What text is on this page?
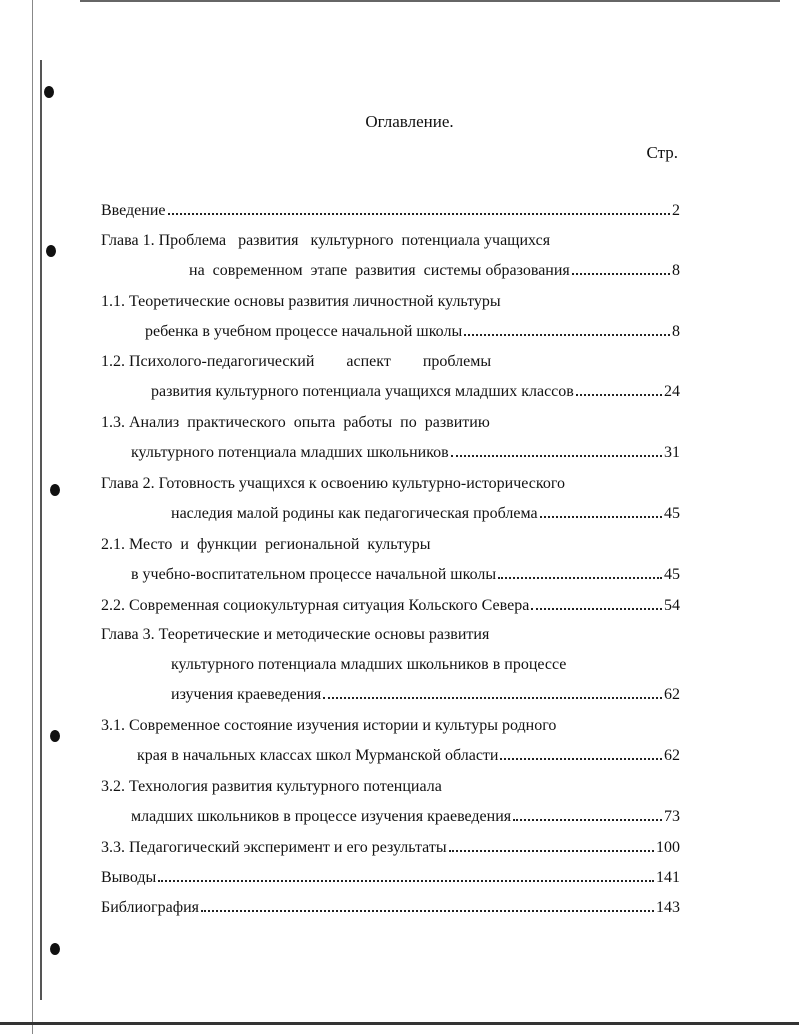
Оглавление.
Стр.
Введение	2
Глава 1. Проблема   развития   культурного  потенциала учащихся
на  современном  этапе  развития  системы образования	8
1.1. Теоретические основы развития личностной культуры
ребенка в учебном процессе начальной школы	8
1.2. Психолого-педагогический        аспект        проблемы
развития культурного потенциала учащихся младших классов	24
1.3. Анализ  практического  опыта  работы  по  развитию
культурного потенциала младших школьников	31
Глава 2. Готовность учащихся к освоению культурно-исторического
наследия малой родины как педагогическая проблема	45
2.1. Место  и  функции  региональной  культуры
в учебно-воспитательном процессе начальной школы	45
2.2. Современная социокультурная ситуация Кольского Севера	54
Глава 3. Теоретические и методические основы развития
культурного потенциала младших школьников в процессе
изучения краеведения	62
3.1. Современное состояние изучения истории и культуры родного
края в начальных классах школ Мурманской области	62
3.2. Технология развития культурного потенциала
младших школьников в процессе изучения краеведения	73
3.3. Педагогический эксперимент и его результаты	100
Выводы	141
Библиография	143
